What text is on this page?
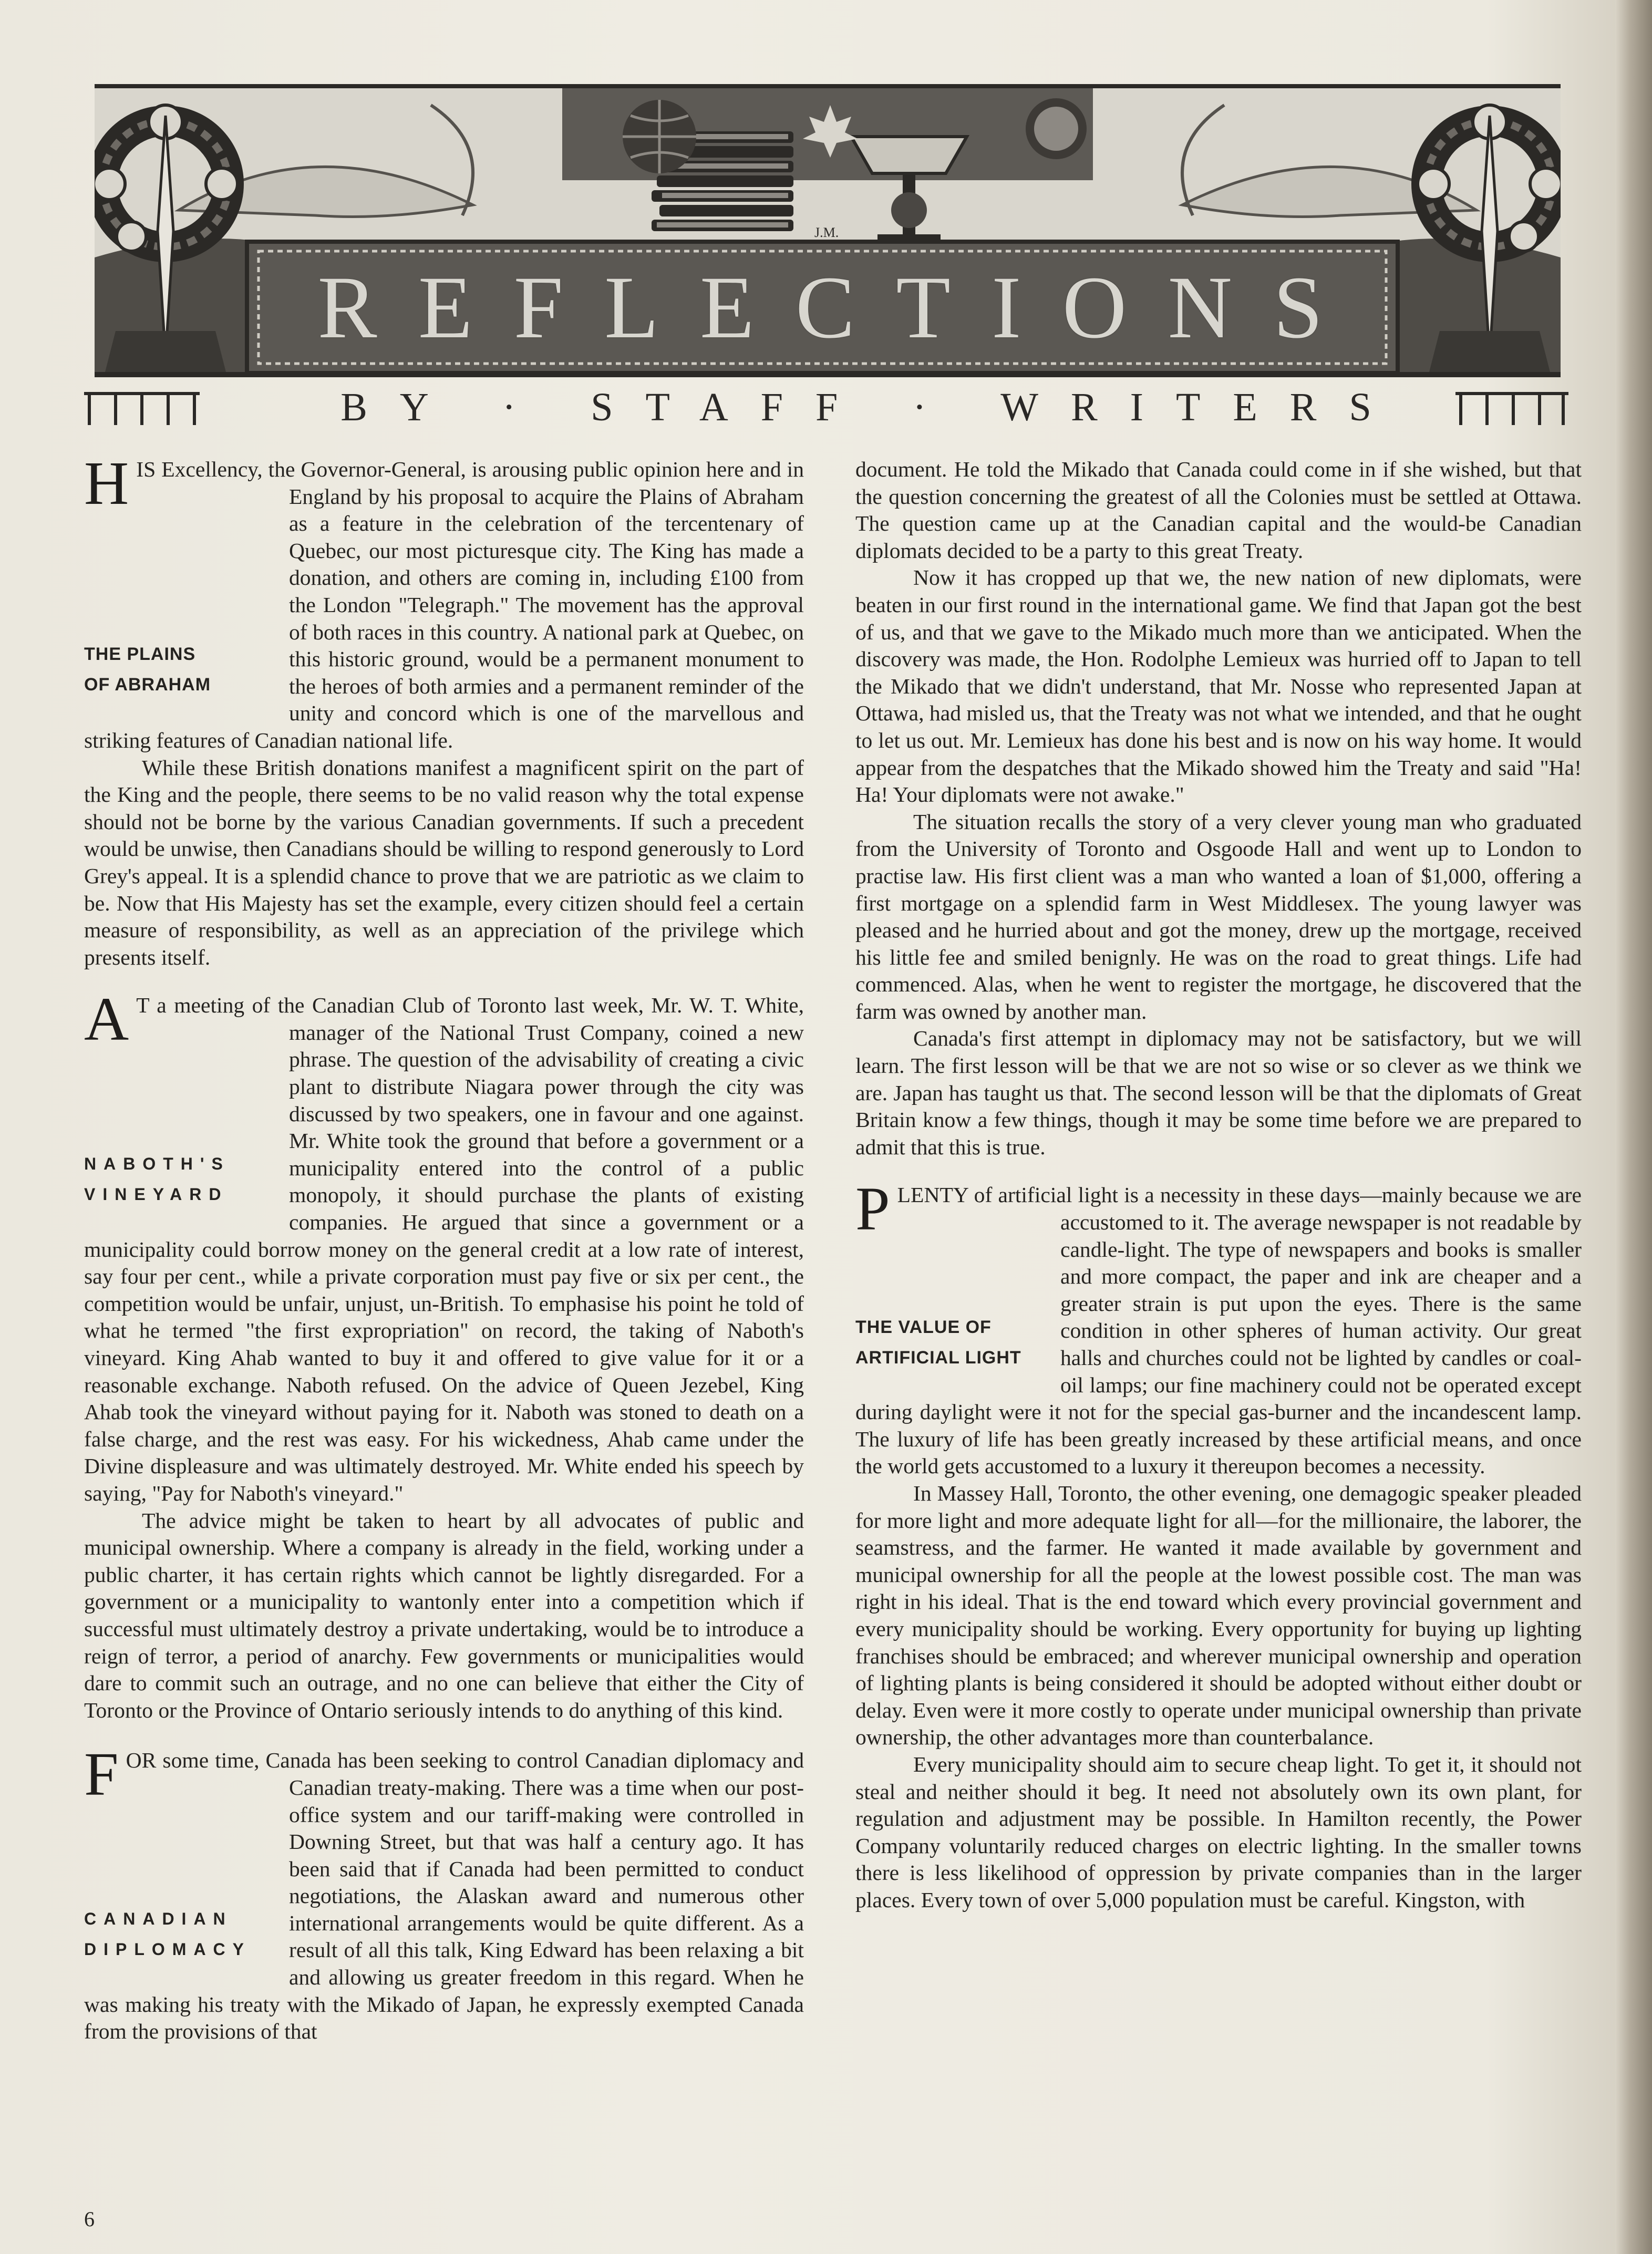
REFLECTIONS
J.M.
BY · STAFF · WRITERS
H
THE PLAINS
OF ABRAHAM

IS Excellency, the Governor-General, is arousing public opinion here and in England by his proposal to acquire the Plains of Abraham as a feature in the celebration of the tercentenary of Quebec, our most picturesque city. The King has made a donation, and others are coming in, including £100 from the London "Telegraph." The movement has the approval of both races in this country. A national park at Quebec, on this historic ground, would be a permanent monument to the heroes of both armies and a permanent reminder of the unity and concord which is one of the marvellous and striking features of Canadian national life.

While these British donations manifest a magnificent spirit on the part of the King and the people, there seems to be no valid reason why the total expense should not be borne by the various Canadian governments. If such a precedent would be unwise, then Canadians should be willing to respond generously to Lord Grey's appeal. It is a splendid chance to prove that we are patriotic as we claim to be. Now that His Majesty has set the example, every citizen should feel a certain measure of responsibility, as well as an appreciation of the privilege which presents itself.

A
NABOTH'S
VINEYARD

T a meeting of the Canadian Club of Toronto last week, Mr. W. T. White, manager of the National Trust Company, coined a new phrase. The question of the advisability of creating a civic plant to distribute Niagara power through the city was discussed by two speakers, one in favour and one against. Mr. White took the ground that before a government or a municipality entered into the control of a public monopoly, it should purchase the plants of existing companies. He argued that since a government or a municipality could borrow money on the general credit at a low rate of interest, say four per cent., while a private corporation must pay five or six per cent., the competition would be unfair, unjust, un-British. To emphasise his point he told of what he termed "the first expropriation" on record, the taking of Naboth's vineyard. King Ahab wanted to buy it and offered to give value for it or a reasonable exchange. Naboth refused. On the advice of Queen Jezebel, King Ahab took the vineyard without paying for it. Naboth was stoned to death on a false charge, and the rest was easy. For his wickedness, Ahab came under the Divine displeasure and was ultimately destroyed. Mr. White ended his speech by saying, "Pay for Naboth's vineyard."

The advice might be taken to heart by all advocates of public and municipal ownership. Where a company is already in the field, working under a public charter, it has certain rights which cannot be lightly disregarded. For a government or a municipality to wantonly enter into a competition which if successful must ultimately destroy a private undertaking, would be to introduce a reign of terror, a period of anarchy. Few governments or municipalities would dare to commit such an outrage, and no one can believe that either the City of Toronto or the Province of Ontario seriously intends to do anything of this kind.

F
CANADIAN
DIPLOMACY

OR some time, Canada has been seeking to control Canadian diplomacy and Canadian treaty-making. There was a time when our post-office system and our tariff-making were controlled in Downing Street, but that was half a century ago. It has been said that if Canada had been permitted to conduct negotiations, the Alaskan award and numerous other international arrangements would be quite different. As a result of all this talk, King Edward has been relaxing a bit and allowing us greater freedom in this regard. When he was making his treaty with the Mikado of Japan, he expressly exempted Canada from the provisions of that

document. He told the Mikado that Canada could come in if she wished, but that the question concerning the greatest of all the Colonies must be settled at Ottawa. The question came up at the Canadian capital and the would-be Canadian diplomats decided to be a party to this great Treaty.

Now it has cropped up that we, the new nation of new diplomats, were beaten in our first round in the international game. We find that Japan got the best of us, and that we gave to the Mikado much more than we anticipated. When the discovery was made, the Hon. Rodolphe Lemieux was hurried off to Japan to tell the Mikado that we didn't understand, that Mr. Nosse who represented Japan at Ottawa, had misled us, that the Treaty was not what we intended, and that he ought to let us out. Mr. Lemieux has done his best and is now on his way home. It would appear from the despatches that the Mikado showed him the Treaty and said "Ha! Ha! Your diplomats were not awake."

The situation recalls the story of a very clever young man who graduated from the University of Toronto and Osgoode Hall and went up to London to practise law. His first client was a man who wanted a loan of $1,000, offering a first mortgage on a splendid farm in West Middlesex. The young lawyer was pleased and he hurried about and got the money, drew up the mortgage, received his little fee and smiled benignly. He was on the road to great things. Life had commenced. Alas, when he went to register the mortgage, he discovered that the farm was owned by another man.

Canada's first attempt in diplomacy may not be satisfactory, but we will learn. The first lesson will be that we are not so wise or so clever as we think we are. Japan has taught us that. The second lesson will be that the diplomats of Great Britain know a few things, though it may be some time before we are prepared to admit that this is true.

P
THE VALUE OF
ARTIFICIAL LIGHT

LENTY of artificial light is a necessity in these days—mainly because we are accustomed to it. The average newspaper is not readable by candle-light. The type of newspapers and books is smaller and more compact, the paper and ink are cheaper and a greater strain is put upon the eyes. There is the same condition in other spheres of human activity. Our great halls and churches could not be lighted by candles or coal-oil lamps; our fine machinery could not be operated except during daylight were it not for the special gas-burner and the incandescent lamp. The luxury of life has been greatly increased by these artificial means, and once the world gets accustomed to a luxury it thereupon becomes a necessity.

In Massey Hall, Toronto, the other evening, one demagogic speaker pleaded for more light and more adequate light for all—for the millionaire, the laborer, the seamstress, and the farmer. He wanted it made available by government and municipal ownership for all the people at the lowest possible cost. The man was right in his ideal. That is the end toward which every provincial government and every municipality should be working. Every opportunity for buying up lighting franchises should be embraced; and wherever municipal ownership and operation of lighting plants is being considered it should be adopted without either doubt or delay. Even were it more costly to operate under municipal ownership than private ownership, the other advantages more than counterbalance.

Every municipality should aim to secure cheap light. To get it, it should not steal and neither should it beg. It need not absolutely own its own plant, for regulation and adjustment may be possible. In Hamilton recently, the Power Company voluntarily reduced charges on electric lighting. In the smaller towns there is less likelihood of oppression by private companies than in the larger places. Every town of over 5,000 population must be careful. Kingston, with

6
